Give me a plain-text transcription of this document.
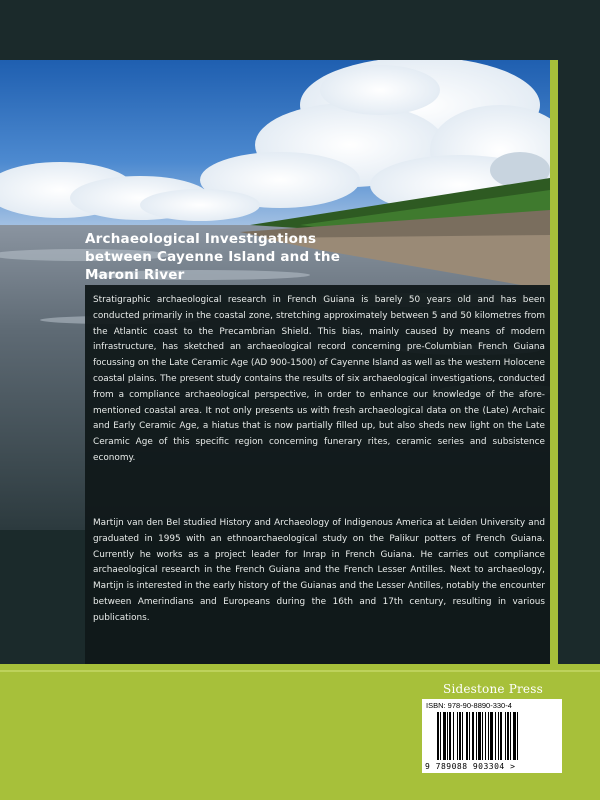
Archaeological Investigations between Cayenne Island and the Maroni River

Stratigraphic archaeological research in French Guiana is barely 50 years old and has been conducted primarily in the coastal zone, stretching approximately between 5 and 50 kilometres from the Atlantic coast to the Precambrian Shield. This bias, mainly caused by means of modern infrastructure, has sketched an archaeological record concerning pre-Columbian French Guiana focussing on the Late Ceramic Age (AD 900-1500) of Cayenne Island as well as the western Holocene coastal plains. The present study contains the results of six archaeological investigations, conducted from a compliance archaeological perspective, in order to enhance our knowledge of the afore-mentioned coastal area. It not only presents us with fresh archaeological data on the (Late) Archaic and Early Ceramic Age, a hiatus that is now partially filled up, but also sheds new light on the Late Ceramic Age of this specific region concerning funerary rites, ceramic series and subsistence economy.

Martijn van den Bel studied History and Archaeology of Indigenous America at Leiden University and graduated in 1995 with an ethnoarchaeological study on the Palikur potters of French Guiana. Currently he works as a project leader for Inrap in French Guiana. He carries out compliance archaeological research in the French Guiana and the French Lesser Antilles. Next to archaeology, Martijn is interested in the early history of the Guianas and the Lesser Antilles, notably the encounter between Amerindians and Europeans during the 16th and 17th century, resulting in various publications.

Sidestone Press
ISBN: 978-90-8890-330-4
9 789088 903304 >
